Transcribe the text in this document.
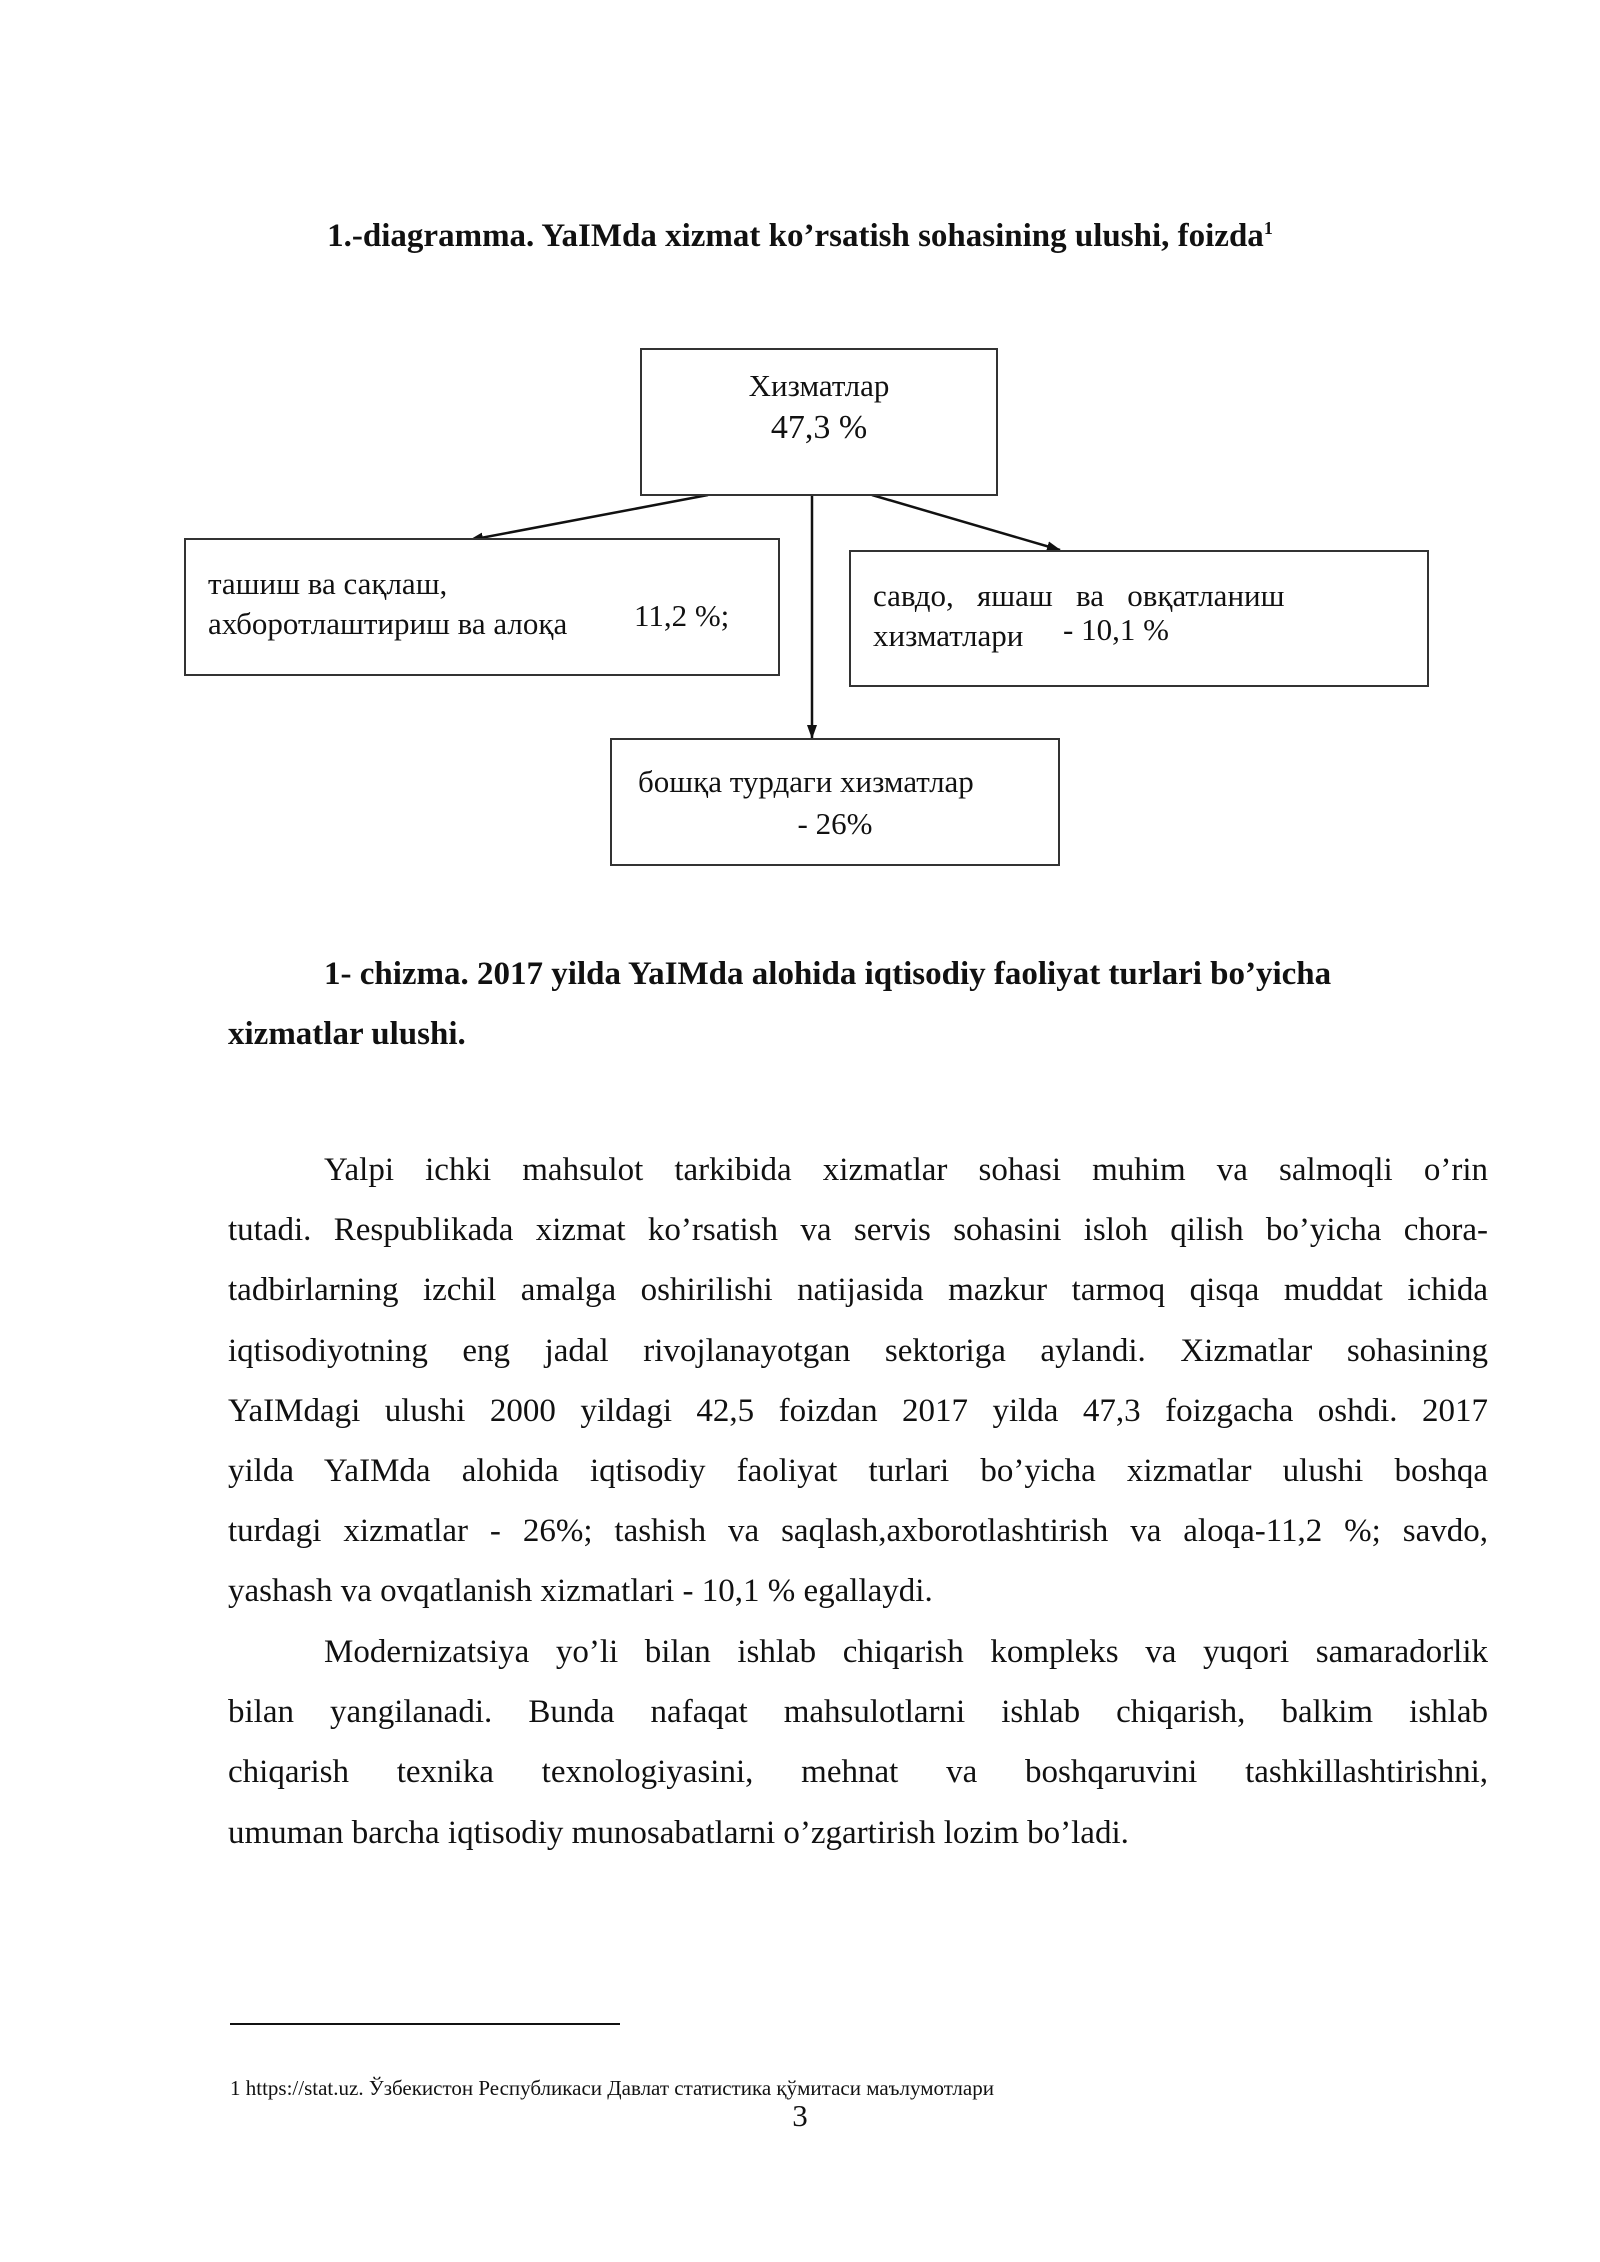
1.-diagramma. YaIMda xizmat ko’rsatish sohasining ulushi, foizda$^1$
Хизматлар
47,3 %
ташиш ва сақлаш,
ахборотлаштириш ва алоқа 11,2 %;
савдо,   яшаш   ва   овқатланиш
хизматлари - 10,1 %
бошқа турдаги хизматлар
- 26%
1- chizma. 2017 yilda YaIMda alohida iqtisodiy faoliyat turlari bo’yicha
xizmatlar ulushi.
Yalpi ichki mahsulot tarkibida xizmatlar sohasi muhim va salmoqli o’rin
tutadi. Respublikada xizmat ko’rsatish va servis sohasini isloh qilish bo’yicha chora-
tadbirlarning izchil amalga oshirilishi natijasida mazkur tarmoq qisqa muddat ichida
iqtisodiyotning eng jadal rivojlanayotgan sektoriga aylandi. Xizmatlar sohasining
YaIMdagi ulushi 2000 yildagi 42,5 foizdan 2017 yilda 47,3 foizgacha oshdi. 2017
yilda YaIMda alohida iqtisodiy faoliyat turlari bo’yicha xizmatlar ulushi boshqa
turdagi xizmatlar - 26%; tashish va saqlash,axborotlashtirish va aloqa-11,2 %; savdo,
yashash va ovqatlanish xizmatlari - 10,1 % egallaydi.
Modernizatsiya yo’li bilan ishlab chiqarish kompleks va yuqori samaradorlik
bilan yangilanadi. Bunda nafaqat mahsulotlarni ishlab chiqarish, balkim ishlab
chiqarish texnika texnologiyasini, mehnat va boshqaruvini tashkillashtirishni,
umuman barcha iqtisodiy munosabatlarni o’zgartirish lozim bo’ladi.
1 https://stat.uz. Ўзбекистон Республикаси Давлат статистика қўмитаси маълумотлари
3
